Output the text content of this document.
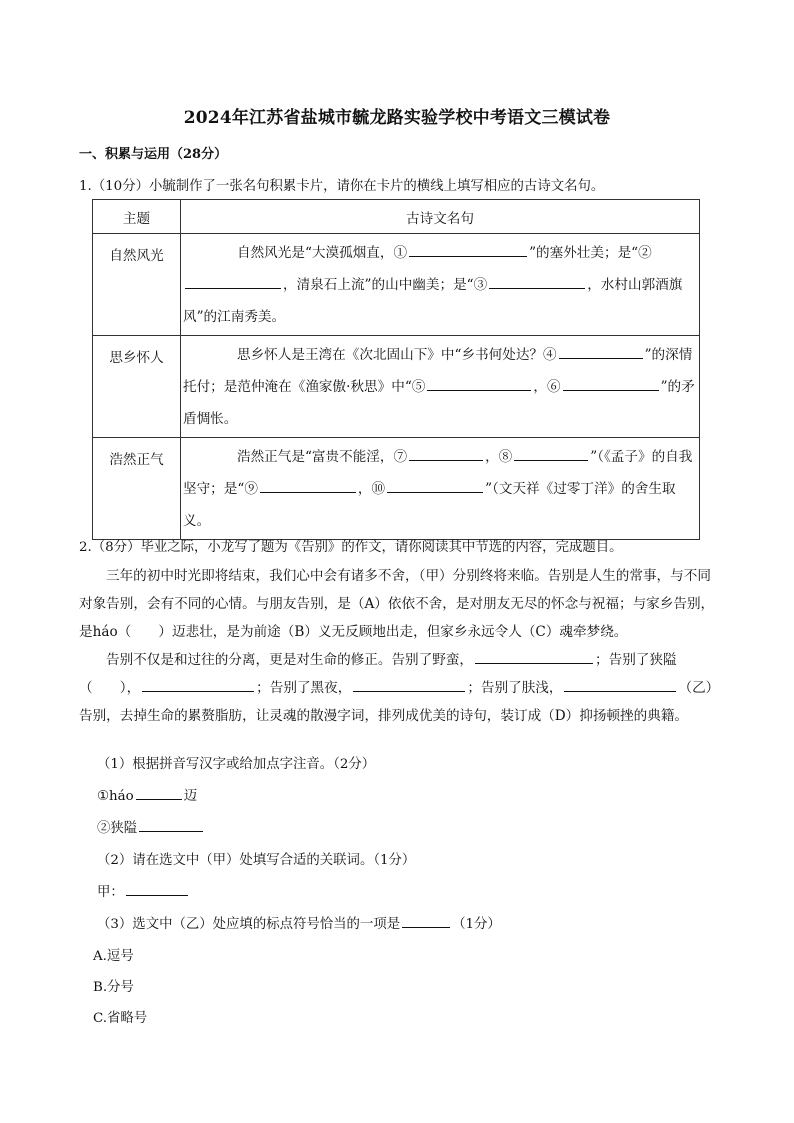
2024年江苏省盐城市毓龙路实验学校中考语文三模试卷
一、积累与运用（28分）
1.（10分）小毓制作了一张名句积累卡片，请你在卡片的横线上填写相应的古诗文名句。
主题	古诗文名句
自然风光	自然风光是“大漠孤烟直，① ”的塞外壮美；是“②，清泉石上流”的山中幽美；是“③ ，水村山郭酒旗风”的江南秀美。
思乡怀人	思乡怀人是王湾在《次北固山下》中“乡书何处达？④ ”的深情托付；是范仲淹在《渔家傲·秋思》中“⑤ ，⑥ ”的矛盾惆怅。
浩然正气	浩然正气是“富贵不能淫，⑦ ，⑧ ”（《孟子》的自我坚守；是“⑨ ，⑩ ”（文天祥《过零丁洋》的舍生取义。
2.（8分）毕业之际，小龙写了题为《告别》的作文，请你阅读其中节选的内容，完成题目。

三年的初中时光即将结束，我们心中会有诸多不舍，（甲）分别终将来临。告别是人生的常事，与不同对象告别，会有不同的心情。与朋友告别，是（A）依依不舍，是对朋友无尽的怀念与祝福；与家乡告别，是háo（　　）迈悲壮，是为前途（B）义无反顾地出走，但家乡永远令人（C）魂牵梦绕。

告别不仅是和过往的分离，更是对生命的修正。告别了野蛮，	；告别了狭隘（　　），	；告别了黑夜，	；告别了肤浅，	（乙）告别，去掉生命的累赘脂肪，让灵魂的散漫字词，排列成优美的诗句，装订成（D）抑扬顿挫的典籍。

（1）根据拼音写汉字或给加点字注音。（2分）
①háo	迈
②狭隘
（2）请在选文中（甲）处填写合适的关联词。（1分）
甲：
（3）选文中（乙）处应填的标点符号恰当的一项是	（1分）
A.逗号
B.分号
C.省略号
